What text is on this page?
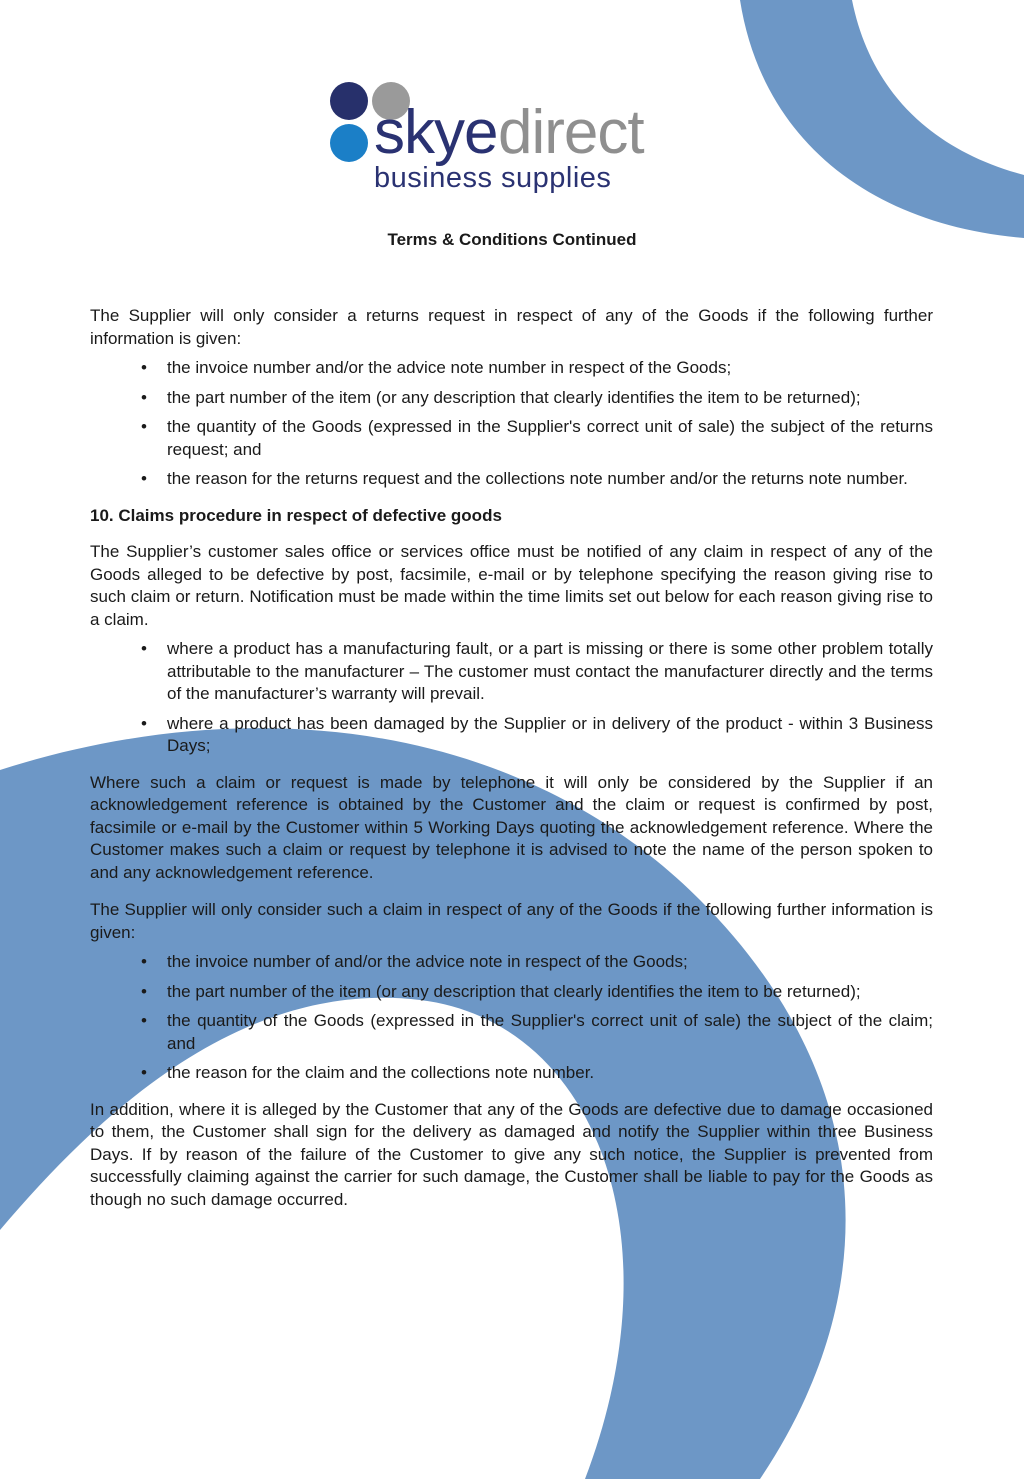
skye direct
business supplies
Terms & Conditions Continued

The Supplier will only consider a returns request in respect of any of the Goods if the following further information is given:

• the invoice number and/or the advice note number in respect of the Goods;
• the part number of the item (or any description that clearly identifies the item to be returned);
• the quantity of the Goods (expressed in the Supplier's correct unit of sale) the subject of the returns request; and
• the reason for the returns request and the collections note number and/or the returns note number.
10. Claims procedure in respect of defective goods

The Supplier’s customer sales office or services office must be notified of any claim in respect of any of the Goods alleged to be defective by post, facsimile, e-mail or by telephone specifying the reason giving rise to such claim or return. Notification must be made within the time limits set out below for each reason giving rise to a claim.

• where a product has a manufacturing fault, or a part is missing or there is some other problem totally attributable to the manufacturer – The customer must contact the manufacturer directly and the terms of the manufacturer’s warranty will prevail.
• where a product has been damaged by the Supplier or in delivery of the product - within 3 Business Days;

Where such a claim or request is made by telephone it will only be considered by the Supplier if an acknowledgement reference is obtained by the Customer and the claim or request is confirmed by post, facsimile or e-mail by the Customer within 5 Working Days quoting the acknowledgement reference. Where the Customer makes such a claim or request by telephone it is advised to note the name of the person spoken to and any acknowledgement reference.

The Supplier will only consider such a claim in respect of any of the Goods if the following further information is given:

• the invoice number of and/or the advice note in respect of the Goods;
• the part number of the item (or any description that clearly identifies the item to be returned);
• the quantity of the Goods (expressed in the Supplier's correct unit of sale) the subject of the claim; and
• the reason for the claim and the collections note number.

In addition, where it is alleged by the Customer that any of the Goods are defective due to damage occasioned to them, the Customer shall sign for the delivery as damaged and notify the Supplier within three Business Days. If by reason of the failure of the Customer to give any such notice, the Supplier is prevented from successfully claiming against the carrier for such damage, the Customer shall be liable to pay for the Goods as though no such damage occurred.
